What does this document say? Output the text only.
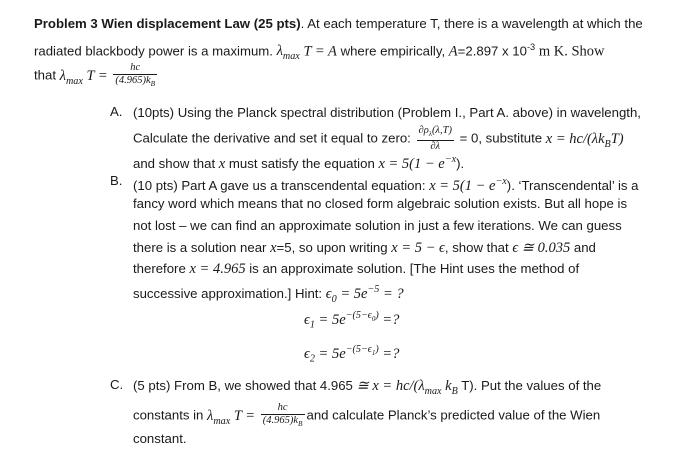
Problem 3 Wien displacement Law (25 pts). At each temperature T, there is a wavelength at which the
radiated blackbody power is a maximum. $\lambda_{max}$ T = A where empirically, A=2.897 x $10^{-3}$ m K. Show
that $\lambda_{max}$ $T = \frac{hc}{(4.965)k_B}$
A. (10pts) Using the Planck spectral distribution (Problem I., Part A. above) in wavelength,
Calculate the derivative and set it equal to zero: $\frac{\partial\rho_\lambda(\lambda,T)}{\partial\lambda} = 0$, substitute $x = hc/(\lambda k_BT)$
and show that x must satisfy the equation $x = 5(1 - e^{-x})$.
B. (10 pts) Part A gave us a transcendental equation: $x = 5(1 - e^{-x})$. ‘Transcendental’ is a
fancy word which means that no closed form algebraic solution exists. But all hope is
not lost – we can find an approximate solution in just a few iterations. We can guess
there is a solution near x=5, so upon writing x = 5 − ϵ, show that ϵ ≅ 0.035 and
therefore x = 4.965 is an approximate solution. [The Hint uses the method of
successive approximation.] Hint: $\epsilon_0 = 5e^{-5}$ = ?
$\epsilon_1 = 5e^{-(5-\epsilon_0)}$ =?
$\epsilon_2 = 5e^{-(5-\epsilon_1)}$ =?
C. (5 pts) From B, we showed that 4.965 ≅ $x = hc/(\lambda_{max}$ $k_B$ T). Put the values of the
constants in $\lambda_{max}$ $T = \frac{hc}{(4.965)k_B}$ and calculate Planck’s predicted value of the Wien
constant.
